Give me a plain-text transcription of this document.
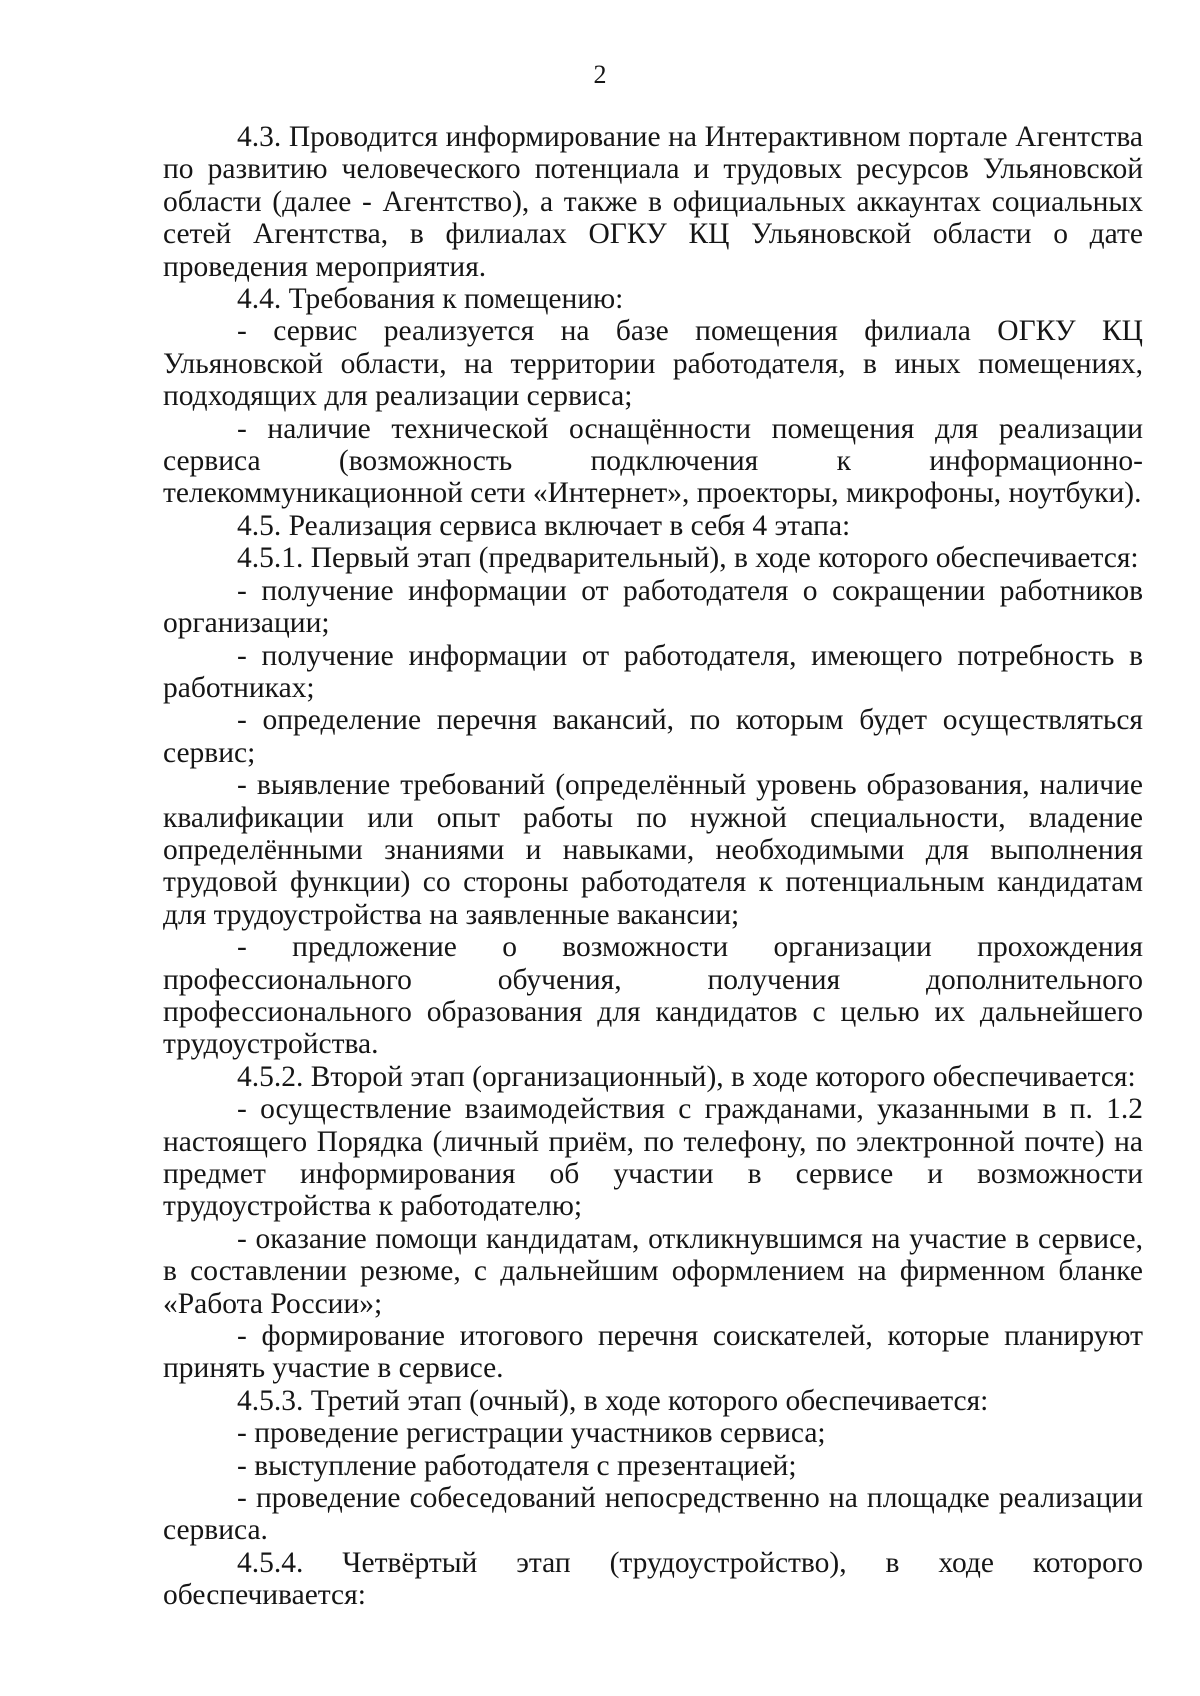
2

4.3. Проводится информирование на Интерактивном портале Агентства по развитию человеческого потенциала и трудовых ресурсов Ульяновской области (далее - Агентство), а также в официальных аккаунтах социальных сетей Агентства, в филиалах ОГКУ КЦ Ульяновской области о дате проведения мероприятия.

4.4. Требования к помещению:

- сервис реализуется на базе помещения филиала ОГКУ КЦ Ульяновской области, на территории работодателя, в иных помещениях, подходящих для реализации сервиса;

- наличие технической оснащённости помещения для реализации сервиса (возможность подключения к информационно-телекоммуникационной сети «Интернет», проекторы, микрофоны, ноутбуки).

4.5. Реализация сервиса включает в себя 4 этапа:

4.5.1. Первый этап (предварительный), в ходе которого обеспечивается:

- получение информации от работодателя о сокращении работников организации;

- получение информации от работодателя, имеющего потребность в работниках;

- определение перечня вакансий, по которым будет осуществляться сервис;

- выявление требований (определённый уровень образования, наличие квалификации или опыт работы по нужной специальности, владение определёнными знаниями и навыками, необходимыми для выполнения трудовой функции) со стороны работодателя к потенциальным кандидатам для трудоустройства на заявленные вакансии;

- предложение о возможности организации прохождения профессионального обучения, получения дополнительного профессионального образования для кандидатов с целью их дальнейшего трудоустройства.

4.5.2. Второй этап (организационный), в ходе которого обеспечивается:

- осуществление взаимодействия с гражданами, указанными в п. 1.2 настоящего Порядка (личный приём, по телефону, по электронной почте) на предмет информирования об участии в сервисе и возможности трудоустройства к работодателю;

- оказание помощи кандидатам, откликнувшимся на участие в сервисе, в составлении резюме, с дальнейшим оформлением на фирменном бланке «Работа России»;

- формирование итогового перечня соискателей, которые планируют принять участие в сервисе.

4.5.3. Третий этап (очный), в ходе которого обеспечивается:

- проведение регистрации участников сервиса;

- выступление работодателя с презентацией;

- проведение собеседований непосредственно на площадке реализации сервиса.

4.5.4. Четвёртый этап (трудоустройство), в ходе которого обеспечивается:
